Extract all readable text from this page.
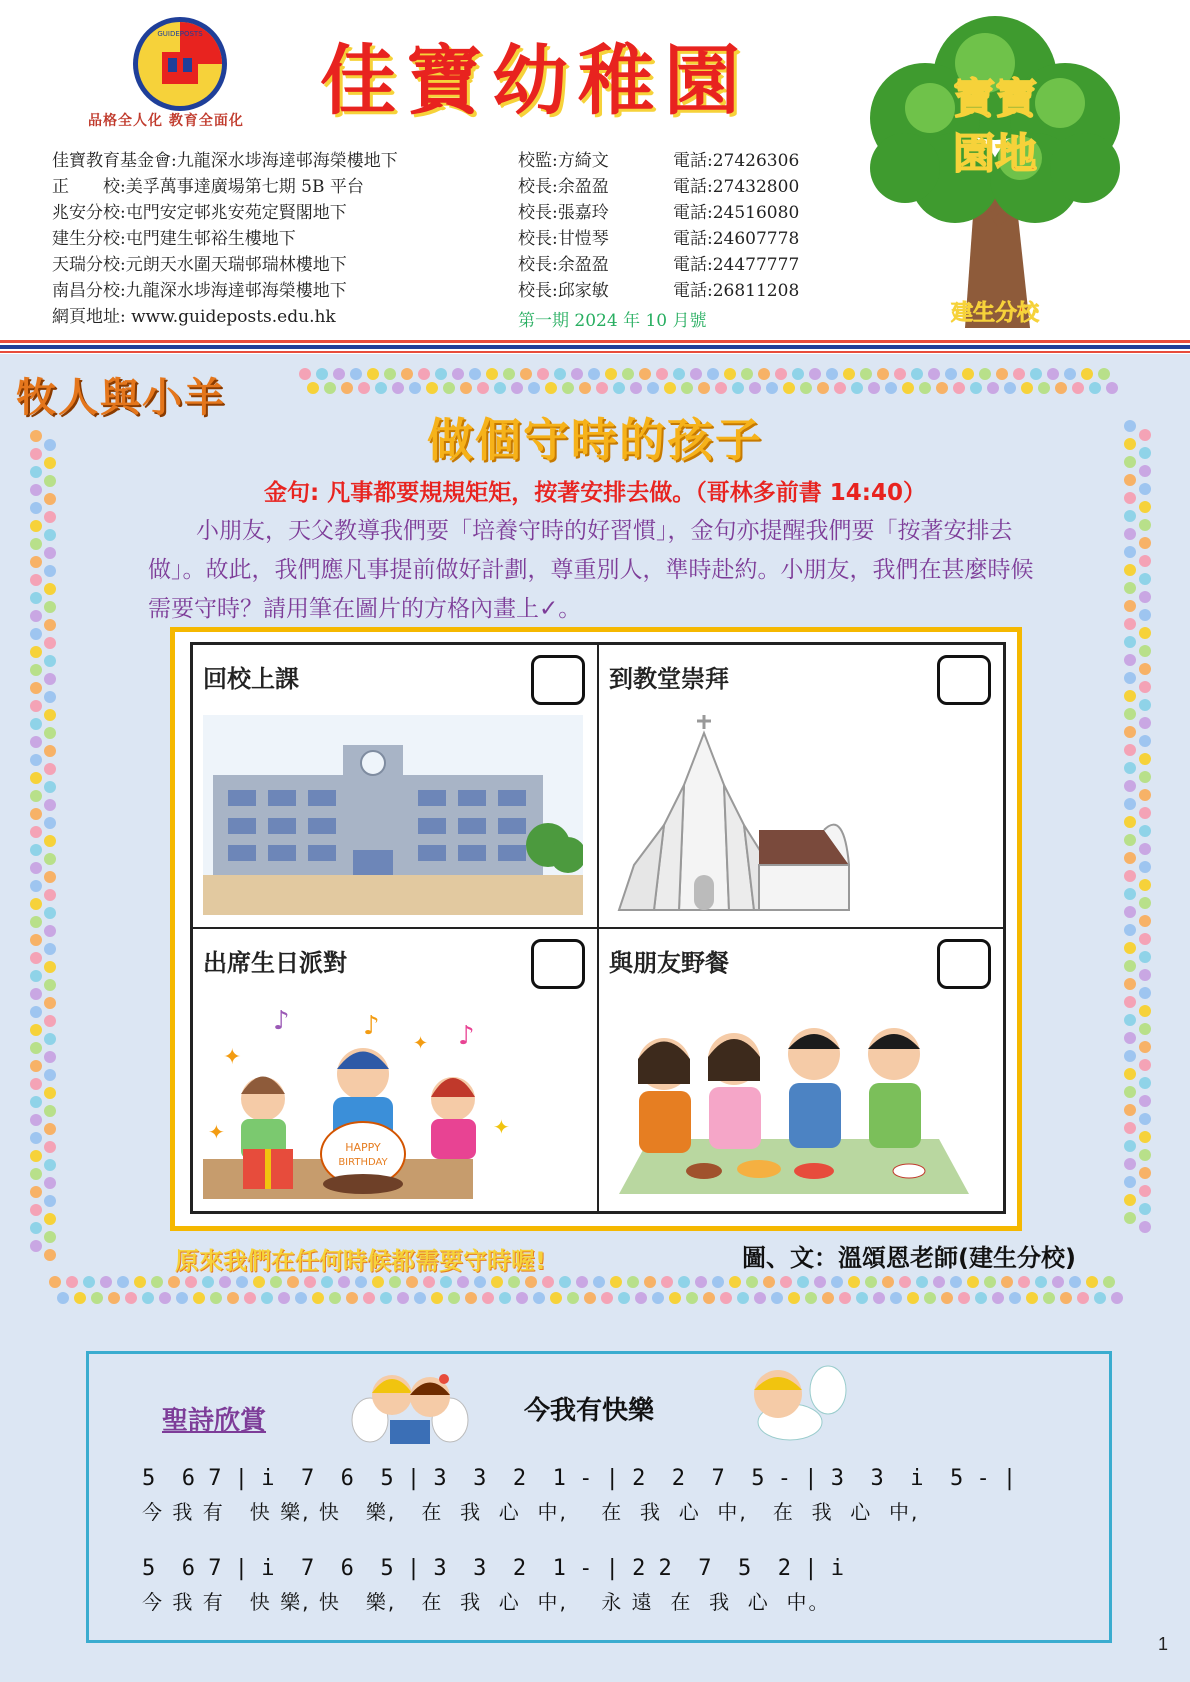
GUIDEPOSTS
品格全人化 教育全面化	佳寶幼稚園
佳寶教育基金會:九龍深水埗海達邨海榮樓地下
正　　校:美孚萬事達廣場第七期 5B 平台
兆安分校:屯門安定邨兆安苑定賢閣地下
建生分校:屯門建生邨裕生樓地下
天瑞分校:元朗天水圍天瑞邨瑞林樓地下
南昌分校:九龍深水埗海達邨海榮樓地下
網頁地址: www.guideposts.edu.hk
校監:方綺文	電話:27426306
校長:余盈盈	電話:27432800
校長:張嘉玲	電話:24516080
校長:甘愷琴	電話:24607778
校長:余盈盈	電話:24477777
校長:邱家敏	電話:26811208
第一期 2024 年 10 月號
寶寶
園地
建生分校
牧人與小羊
做個守時的孩子
金句: 凡事都要規規矩矩，按著安排去做。（哥林多前書 14:40）
小朋友，天父教導我們要「培養守時的好習慣」，金句亦提醒我們要「按著安排去做」。故此，我們應凡事提前做好計劃，尊重別人，準時赴約。小朋友，我們在甚麼時候需要守時？請用筆在圖片的方格內畫上✓。
回校上課	到教堂崇拜
出席生日派對
♪	♪	♪
✦
✦
✦
✦
HAPPY
BIRTHDAY
與朋友野餐
原來我們在任何時候都需要守時喔!	圖、文：溫頌恩老師(建生分校)
聖詩欣賞	今我有快樂
5  6 7 | i  7  6  5 | 3  3  2  1 - | 2  2  7  5 - | 3  3  i  5 - |
今 我 有   快 樂, 快   樂,   在  我  心  中,    在  我  心  中,   在  我  心  中,
5  6 7 | i  7  6  5 | 3  3  2  1 - | 2 2  7  5  2 | i
今 我 有   快 樂, 快   樂,   在  我  心  中,    永 遠  在  我  心  中。
1
